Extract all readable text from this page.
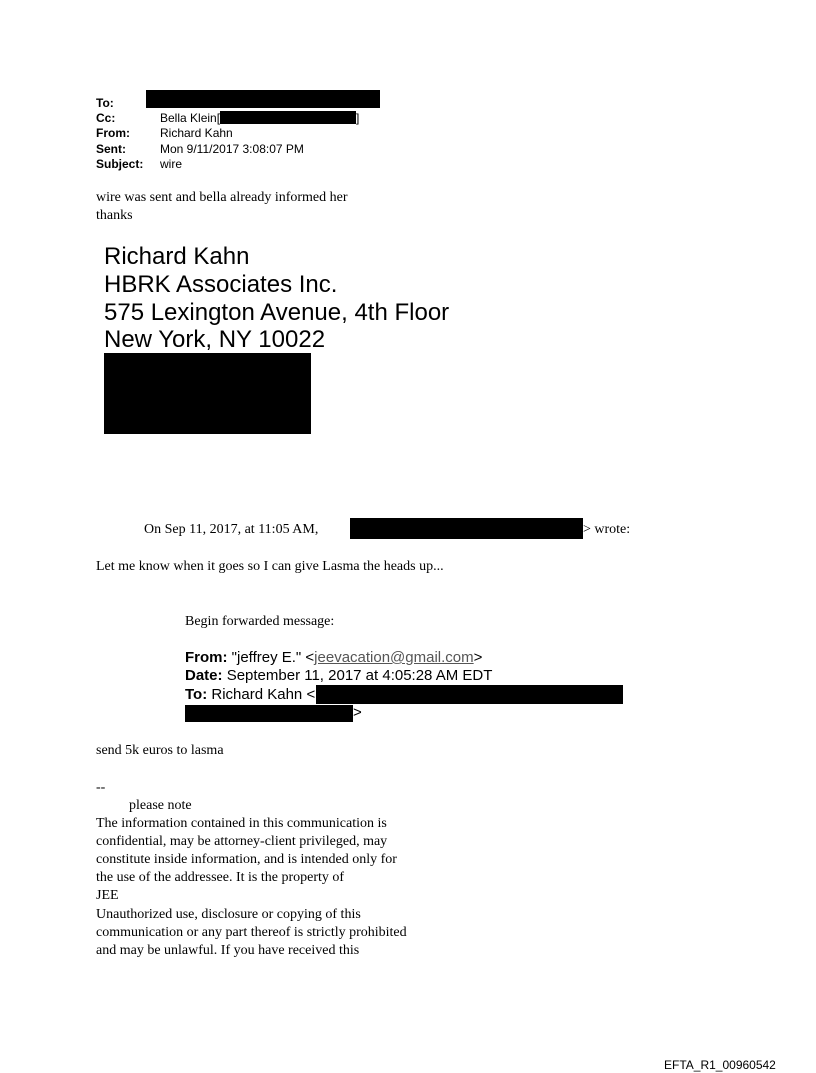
To:
Cc:	Bella Klein[	]
From:	Richard Kahn
Sent:	Mon 9/11/2017 3:08:07 PM
Subject: wire
wire was sent and bella already informed her
thanks
Richard Kahn
HBRK Associates Inc.
575 Lexington Avenue, 4th Floor
New York, NY 10022
On Sep 11, 2017, at 11:05 AM,	> wrote:
Let me know when it goes so I can give Lasma the heads up...
Begin forwarded message:
From: "jeffrey E." <jeevacation@gmail.com>
Date: September 11, 2017 at 4:05:28 AM EDT
To: Richard Kahn <
>
send 5k euros to lasma
--
please note
The information contained in this communication is
confidential, may be attorney-client privileged, may
constitute inside information, and is intended only for
the use of the addressee. It is the property of
JEE
Unauthorized use, disclosure or copying of this
communication or any part thereof is strictly prohibited
and may be unlawful. If you have received this
EFTA_R1_00960542
